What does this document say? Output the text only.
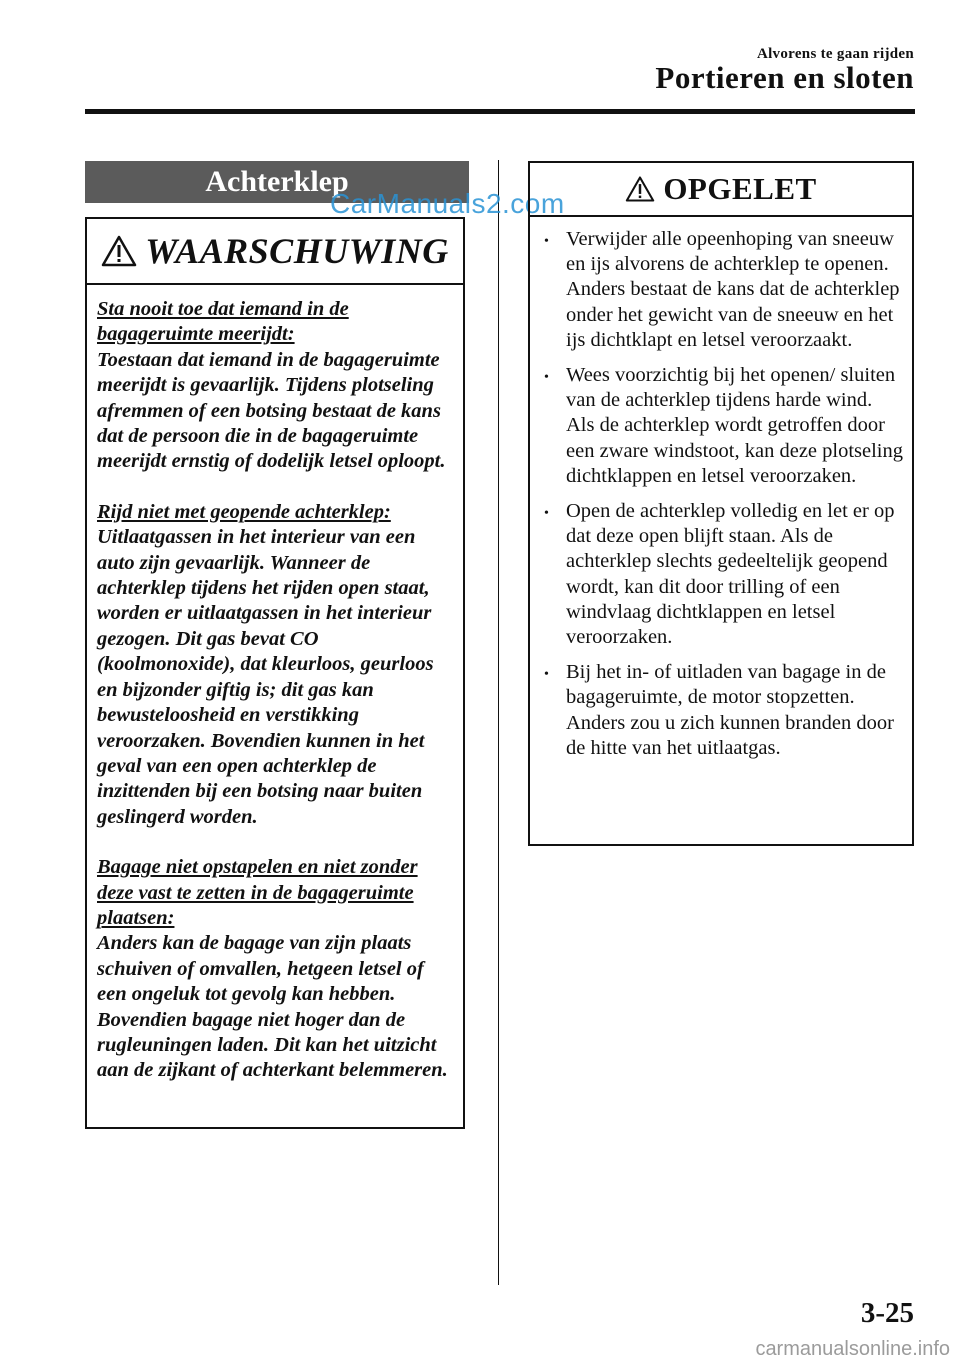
Alvorens te gaan rijden
Portieren en sloten
Achterklep
CarManuals2.com
WAARSCHUWING

Sta nooit toe dat iemand in de bagageruimte meerijdt:

Toestaan dat iemand in de bagageruimte meerijdt is gevaarlijk. Tijdens plotseling afremmen of een botsing bestaat de kans dat de persoon die in de bagageruimte meerijdt ernstig of dodelijk letsel oploopt.

Rijd niet met geopende achterklep:

Uitlaatgassen in het interieur van een auto zijn gevaarlijk. Wanneer de achterklep tijdens het rijden open staat, worden er uitlaatgassen in het interieur gezogen. Dit gas bevat CO (koolmonoxide), dat kleurloos, geurloos en bijzonder giftig is; dit gas kan bewusteloosheid en verstikking veroorzaken. Bovendien kunnen in het geval van een open achterklep de inzittenden bij een botsing naar buiten geslingerd worden.

Bagage niet opstapelen en niet zonder deze vast te zetten in de bagageruimte plaatsen:

Anders kan de bagage van zijn plaats schuiven of omvallen, hetgeen letsel of een ongeluk tot gevolg kan hebben. Bovendien bagage niet hoger dan de rugleuningen laden. Dit kan het uitzicht aan de zijkant of achterkant belemmeren.

OPGELET
• Verwijder alle opeenhoping van sneeuw en ijs alvorens de achterklep te openen. Anders bestaat de kans dat de achterklep onder het gewicht van de sneeuw en het ijs dichtklapt en letsel veroorzaakt.
• Wees voorzichtig bij het openen/ sluiten van de achterklep tijdens harde wind. Als de achterklep wordt getroffen door een zware windstoot, kan deze plotseling dichtklappen en letsel veroorzaken.
• Open de achterklep volledig en let er op dat deze open blijft staan. Als de achterklep slechts gedeeltelijk geopend wordt, kan dit door trilling of een windvlaag dichtklappen en letsel veroorzaken.
• Bij het in- of uitladen van bagage in de bagageruimte, de motor stopzetten. Anders zou u zich kunnen branden door de hitte van het uitlaatgas.
3-25
carmanualsonline.info
